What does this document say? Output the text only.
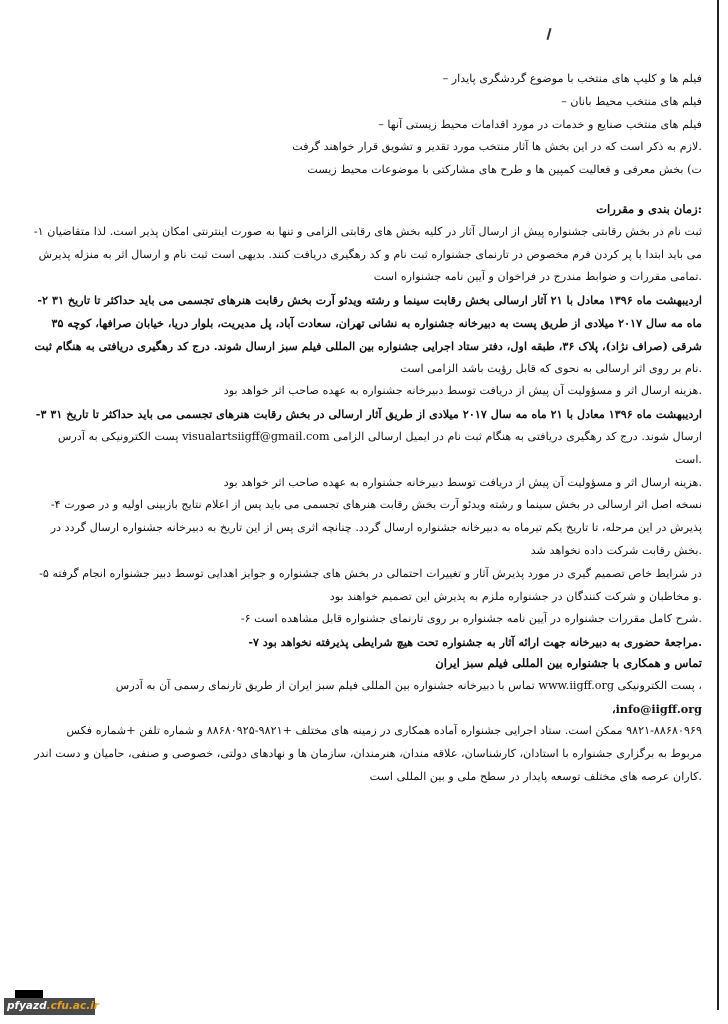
فیلم ها و کلیپ های منتخب با موضوع گردشگری پایدار –
فیلم های منتخب محیط بانان –
فیلم های منتخب صنایع و خدمات در مورد اقدامات محیط زیستی آنها –
.لازم به ذکر است که در این بخش ها آثار منتخب مورد تقدیر و تشویق قرار خواهند گرفت
ت) بخش معرفی و فعالیت کمپین ها و طرح های مشارکتی با موضوعات محیط زیست
:زمان بندی و مقررات
ثبت نام در بخش رقابتی جشنواره پیش از ارسال آثار در کلیه بخش های رقابتی الزامی و تنها به صورت اینترنتی امکان پذیر است. لذا متقاضیان ‎-۱
می باید ابتدا با پر کردن فرم مخصوص در تارنمای جشنواره ثبت نام و کد رهگیری دریافت کنند. بدیهی است ثبت نام و ارسال اثر به منزله پذیرش
.تمامی مقررات و ضوابط مندرج در فراخوان و آیین نامه جشنواره است
اردیبهشت ماه ۱۳۹۶ معادل با ۲۱ آثار ارسالی بخش رقابت سینما و رشته ویدئو آرت بخش رقابت هنرهای تجسمی می باید حداکثر تا تاریخ ۳۱ ‎-۲
ماه مه سال ۲۰۱۷ میلادی از طریق پست به دبیرخانه جشنواره به نشانی تهران، سعادت آباد، پل مدیریت، بلوار دریا، خیابان صرافها، کوچه ۳۵
شرقی (صراف نژاد)، پلاک ۳۶، طبقه اول، دفتر ستاد اجرایی جشنواره بین المللی فیلم سبز ارسال شوند. درج کد رهگیری دریافتی به هنگام ثبت
.نام بر روی اثر ارسالی به نحوی که قابل رؤیت باشد الزامی است
.هزینه ارسال اثر و مسؤولیت آن پیش از دریافت توسط دبیرخانه جشنواره به عهده صاحب اثر خواهد بود
اردیبهشت ماه ۱۳۹۶ معادل با ۲۱ ماه مه سال ۲۰۱۷ میلادی از طریق آثار ارسالی در بخش رقابت هنرهای تجسمی می باید حداکثر تا تاریخ ۳۱ ‎-۳
ارسال شوند. درج کد رهگیری دریافتی به هنگام ثبت نام در ایمیل ارسالی الزامی visualartsiigff@gmail.com پست الکترونیکی به آدرس
.است
.هزینه ارسال اثر و مسؤولیت آن پیش از دریافت توسط دبیرخانه جشنواره به عهده صاحب اثر خواهد بود
نسخه اصل اثر ارسالی در بخش سینما و رشته ویدئو آرت بخش رقابت هنرهای تجسمی می باید پس از اعلام نتایج بازبینی اولیه و در صورت ‎-۴
پذیرش در این مرحله، تا تاریخ یکم تیرماه به دبیرخانه جشنواره ارسال گردد. چنانچه اثری پس از این تاریخ به دبیرخانه جشنواره ارسال گردد در
.بخش رقابت شرکت داده نخواهد شد
در شرایط خاص تصمیم گیری در مورد پذیرش آثار و تغییرات احتمالی در بخش های جشنواره و جوایز اهدایی توسط دبیر جشنواره انجام گرفته ‎-۵
.و مخاطبان و شرکت کنندگان در جشنواره ملزم به پذیرش این تصمیم خواهند بود
.شرح کامل مقررات جشنواره در آیین نامه جشنواره بر روی تارنمای جشنواره قابل مشاهده است ‎-۶
.مراجعهٔ حضوری به دبیرخانه جهت ارائه آثار به جشنواره تحت هیچ شرایطی پذیرفته نخواهد بود ‎-۷
تماس و همکاری با جشنواره بین المللی فیلم سبز ایران
، پست الکترونیکی www.iigff.org تماس با دبیرخانه جشنواره بین المللی فیلم سبز ایران از طریق تارنمای رسمی آن به آدرس
info@iigff.org،
۹۸۲۱-۸۸۶۸۰۹۶۹ ممکن است. ستاد اجرایی جشنواره آماده همکاری در زمینه های مختلف +۹۸۲۱-۸۸۶۸۰۹۲۵ و شماره تلفن +شماره فکس
مربوط به برگزاری جشنواره با استادان، کارشناسان، علاقه مندان، هنرمندان، سازمان ها و نهادهای دولتی، خصوصی و صنفی، حامیان و دست اندر
.کاران عرصه های مختلف توسعه پایدار در سطح ملی و بین المللی است
pfyazd.cfu.ac.ir
